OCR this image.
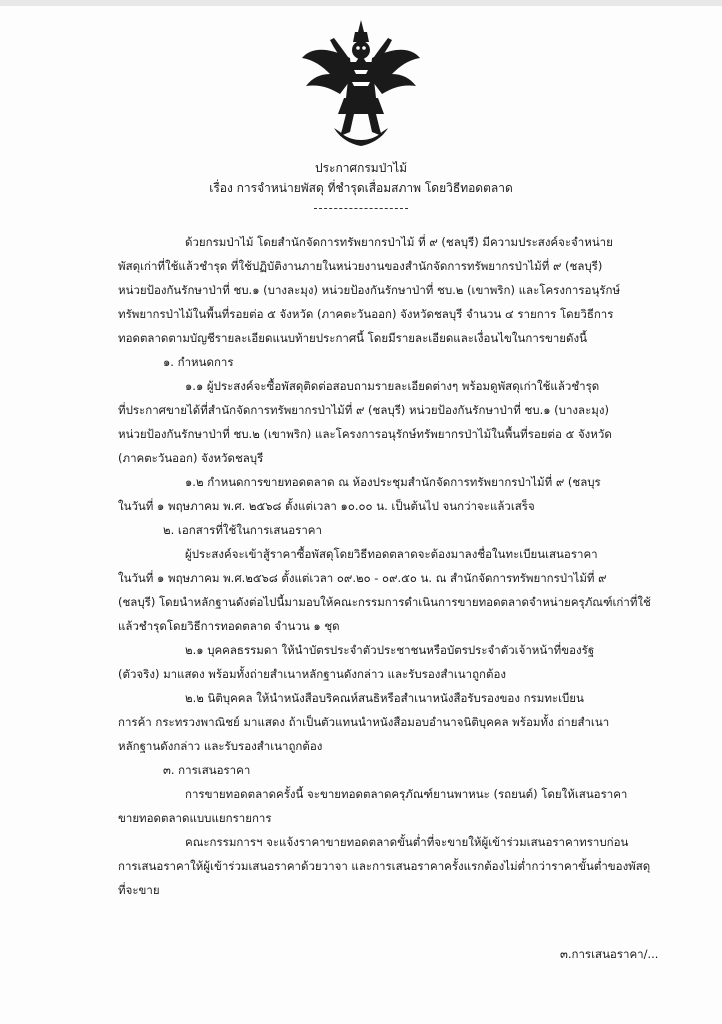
ประกาศกรมป่าไม้
เรื่อง การจำหน่ายพัสดุ ที่ชำรุดเสื่อมสภาพ โดยวิธีทอดตลาด
ด้วยกรมป่าไม้ โดยสำนักจัดการทรัพยากรป่าไม้ ที่ ๙ (ชลบุรี) มีความประสงค์จะจำหน่าย
พัสดุเก่าที่ใช้แล้วชำรุด ที่ใช้ปฏิบัติงานภายในหน่วยงานของสำนักจัดการทรัพยากรป่าไม้ที่ ๙ (ชลบุรี)
หน่วยป้องกันรักษาป่าที่ ชบ.๑ (บางละมุง) หน่วยป้องกันรักษาป่าที่ ชบ.๒ (เขาพริก) และโครงการอนุรักษ์
ทรัพยากรป่าไม้ในพื้นที่รอยต่อ ๕ จังหวัด (ภาคตะวันออก) จังหวัดชลบุรี จำนวน ๔ รายการ โดยวิธีการ
ทอดตลาดตามบัญชีรายละเอียดแนบท้ายประกาศนี้ โดยมีรายละเอียดและเงื่อนไขในการขายดังนี้
๑. กำหนดการ
๑.๑ ผู้ประสงค์จะซื้อพัสดุติดต่อสอบถามรายละเอียดต่างๆ พร้อมดูพัสดุเก่าใช้แล้วชำรุด
ที่ประกาศขายได้ที่สำนักจัดการทรัพยากรป่าไม้ที่ ๙ (ชลบุรี) หน่วยป้องกันรักษาป่าที่ ชบ.๑ (บางละมุง)
หน่วยป้องกันรักษาป่าที่ ชบ.๒ (เขาพริก) และโครงการอนุรักษ์ทรัพยากรป่าไม้ในพื้นที่รอยต่อ ๕ จังหวัด
(ภาคตะวันออก) จังหวัดชลบุรี
๑.๒ กำหนดการขายทอดตลาด ณ ห้องประชุมสำนักจัดการทรัพยากรป่าไม้ที่ ๙ (ชลบุร
ในวันที่ ๑ พฤษภาคม พ.ศ. ๒๕๖๘ ตั้งแต่เวลา ๑๐.๐๐ น. เป็นต้นไป จนกว่าจะแล้วเสร็จ
๒. เอกสารที่ใช้ในการเสนอราคา
ผู้ประสงค์จะเข้าสู้ราคาซื้อพัสดุโดยวิธีทอดตลาดจะต้องมาลงชื่อในทะเบียนเสนอราคา
ในวันที่ ๑ พฤษภาคม พ.ศ.๒๕๖๘ ตั้งแต่เวลา ๐๙.๒๐ - ๐๙.๕๐ น. ณ สำนักจัดการทรัพยากรป่าไม้ที่ ๙
(ชลบุรี) โดยนำหลักฐานดังต่อไปนี้มามอบให้คณะกรรมการดำเนินการขายทอดตลาดจำหน่ายครุภัณฑ์เก่าที่ใช้
แล้วชำรุดโดยวิธีการทอดตลาด จำนวน ๑ ชุด
๒.๑ บุคคลธรรมดา ให้นำบัตรประจำตัวประชาชนหรือบัตรประจำตัวเจ้าหน้าที่ของรัฐ
(ตัวจริง) มาแสดง พร้อมทั้งถ่ายสำเนาหลักฐานดังกล่าว และรับรองสำเนาถูกต้อง
๒.๒ นิติบุคคล ให้นำหนังสือบริคณห์สนธิหรือสำเนาหนังสือรับรองของ กรมทะเบียน
การค้า กระทรวงพาณิชย์ มาแสดง ถ้าเป็นตัวแทนนำหนังสือมอบอำนาจนิติบุคคล พร้อมทั้ง ถ่ายสำเนา
หลักฐานดังกล่าว และรับรองสำเนาถูกต้อง
๓. การเสนอราคา
การขายทอดตลาดครั้งนี้ จะขายทอดตลาดครุภัณฑ์ยานพาหนะ (รถยนต์) โดยให้เสนอราคา
ขายทอดตลาดแบบแยกรายการ
คณะกรรมการฯ จะแจ้งราคาขายทอดตลาดขั้นต่ำที่จะขายให้ผู้เข้าร่วมเสนอราคาทราบก่อน
การเสนอราคาให้ผู้เข้าร่วมเสนอราคาด้วยวาจา และการเสนอราคาครั้งแรกต้องไม่ต่ำกว่าราคาขั้นต่ำของพัสดุ
ที่จะขาย
๓.การเสนอราคา/...
